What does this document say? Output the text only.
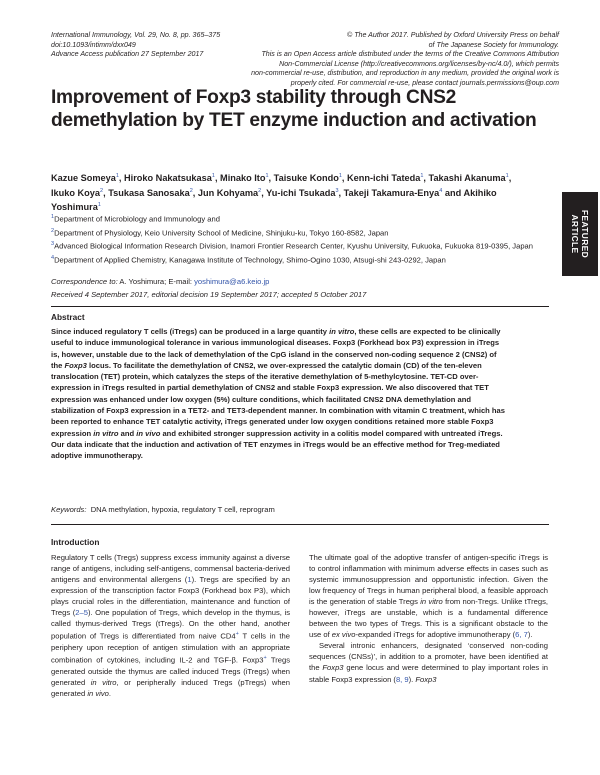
International Immunology, Vol. 29, No. 8, pp. 365–375
doi:10.1093/intimm/dxx049
Advance Access publication 27 September 2017
© The Author 2017. Published by Oxford University Press on behalf
of The Japanese Society for Immunology.
This is an Open Access article distributed under the terms of the Creative Commons Attribution
Non-Commercial License (http://creativecommons.org/licenses/by-nc/4.0/), which permits
non-commercial re-use, distribution, and reproduction in any medium, provided the original work is
properly cited. For commercial re-use, please contact journals.permissions@oup.com
Improvement of Foxp3 stability through CNS2 demethylation by TET enzyme induction and activation
Kazue Someya$^1$, Hiroko Nakatsukasa$^1$, Minako Ito$^1$, Taisuke Kondo$^1$, Kenn-ichi Tateda$^1$, Takashi Akanuma$^1$, Ikuko Koya$^2$, Tsukasa Sanosaka$^2$, Jun Kohyama$^2$, Yu-ichi Tsukada$^3$, Takeji Takamura-Enya$^4$ and Akihiko Yoshimura$^1$

$^1$Department of Microbiology and Immunology and

$^2$Department of Physiology, Keio University School of Medicine, Shinjuku-ku, Tokyo 160-8582, Japan

$^3$Advanced Biological Information Research Division, Inamori Frontier Research Center, Kyushu University, Fukuoka, Fukuoka 819-0395, Japan

$^4$Department of Applied Chemistry, Kanagawa Institute of Technology, Shimo-Ogino 1030, Atsugi-shi 243-0292, Japan

Correspondence to: A. Yoshimura; E-mail: yoshimura@a6.keio.jp
Received 4 September 2017, editorial decision 19 September 2017; accepted 5 October 2017
Abstract
Since induced regulatory T cells (iTregs) can be produced in a large quantity in vitro, these cells are expected to be clinically useful to induce immunological tolerance in various immunological diseases. Foxp3 (Forkhead box P3) expression in iTregs is, however, unstable due to the lack of demethylation of the CpG island in the conserved non-coding sequence 2 (CNS2) of the Foxp3 locus. To facilitate the demethylation of CNS2, we over-expressed the catalytic domain (CD) of the ten-eleven translocation (TET) protein, which catalyzes the steps of the iterative demethylation of 5-methylcytosine. TET-CD over-expression in iTregs resulted in partial demethylation of CNS2 and stable Foxp3 expression. We also discovered that TET expression was enhanced under low oxygen (5%) culture conditions, which facilitated CNS2 DNA demethylation and stabilization of Foxp3 expression in a TET2- and TET3-dependent manner. In combination with vitamin C treatment, which has been reported to enhance TET catalytic activity, iTregs generated under low oxygen conditions retained more stable Foxp3 expression in vitro and in vivo and exhibited stronger suppression activity in a colitis model compared with untreated iTregs. Our data indicate that the induction and activation of TET enzymes in iTregs would be an effective method for Treg-mediated adoptive immunotherapy.
Keywords: DNA methylation, hypoxia, regulatory T cell, reprogram
FEATURED
ARTICLE
Introduction

Regulatory T cells (Tregs) suppress excess immunity against a diverse range of antigens, including self-antigens, commensal bacteria-derived antigens and environmental allergens (1). Tregs are specified by an expression of the transcription factor Foxp3 (Forkhead box P3), which plays crucial roles in the differentiation, maintenance and function of Tregs (2–5). One population of Tregs, which develop in the thymus, is called thymus-derived Tregs (tTregs). On the other hand, another population of Tregs is differentiated from naive CD4+ T cells in the periphery upon reception of antigen stimulation with an appropriate combination of cytokines, including IL-2 and TGF-β. Foxp3+ Tregs generated outside the thymus are called induced Tregs (iTregs) when generated in vitro, or peripherally induced Tregs (pTregs) when generated in vivo.

The ultimate goal of the adoptive transfer of antigen-specific iTregs is to control inflammation with minimum adverse effects in cases such as systemic immunosuppression and opportunistic infection. Given the low frequency of Tregs in human peripheral blood, a feasible approach is the generation of stable Tregs in vitro from non-Tregs. Unlike tTregs, however, iTregs are unstable, which is a fundamental difference between the two types of Tregs. This is a significant obstacle to the use of ex vivo-expanded iTregs for adoptive immunotherapy (6, 7).

Several intronic enhancers, designated ‘conserved non-coding sequences (CNSs)’, in addition to a promoter, have been identified at the Foxp3 gene locus and were determined to play important roles in stable Foxp3 expression (8, 9). Foxp3
